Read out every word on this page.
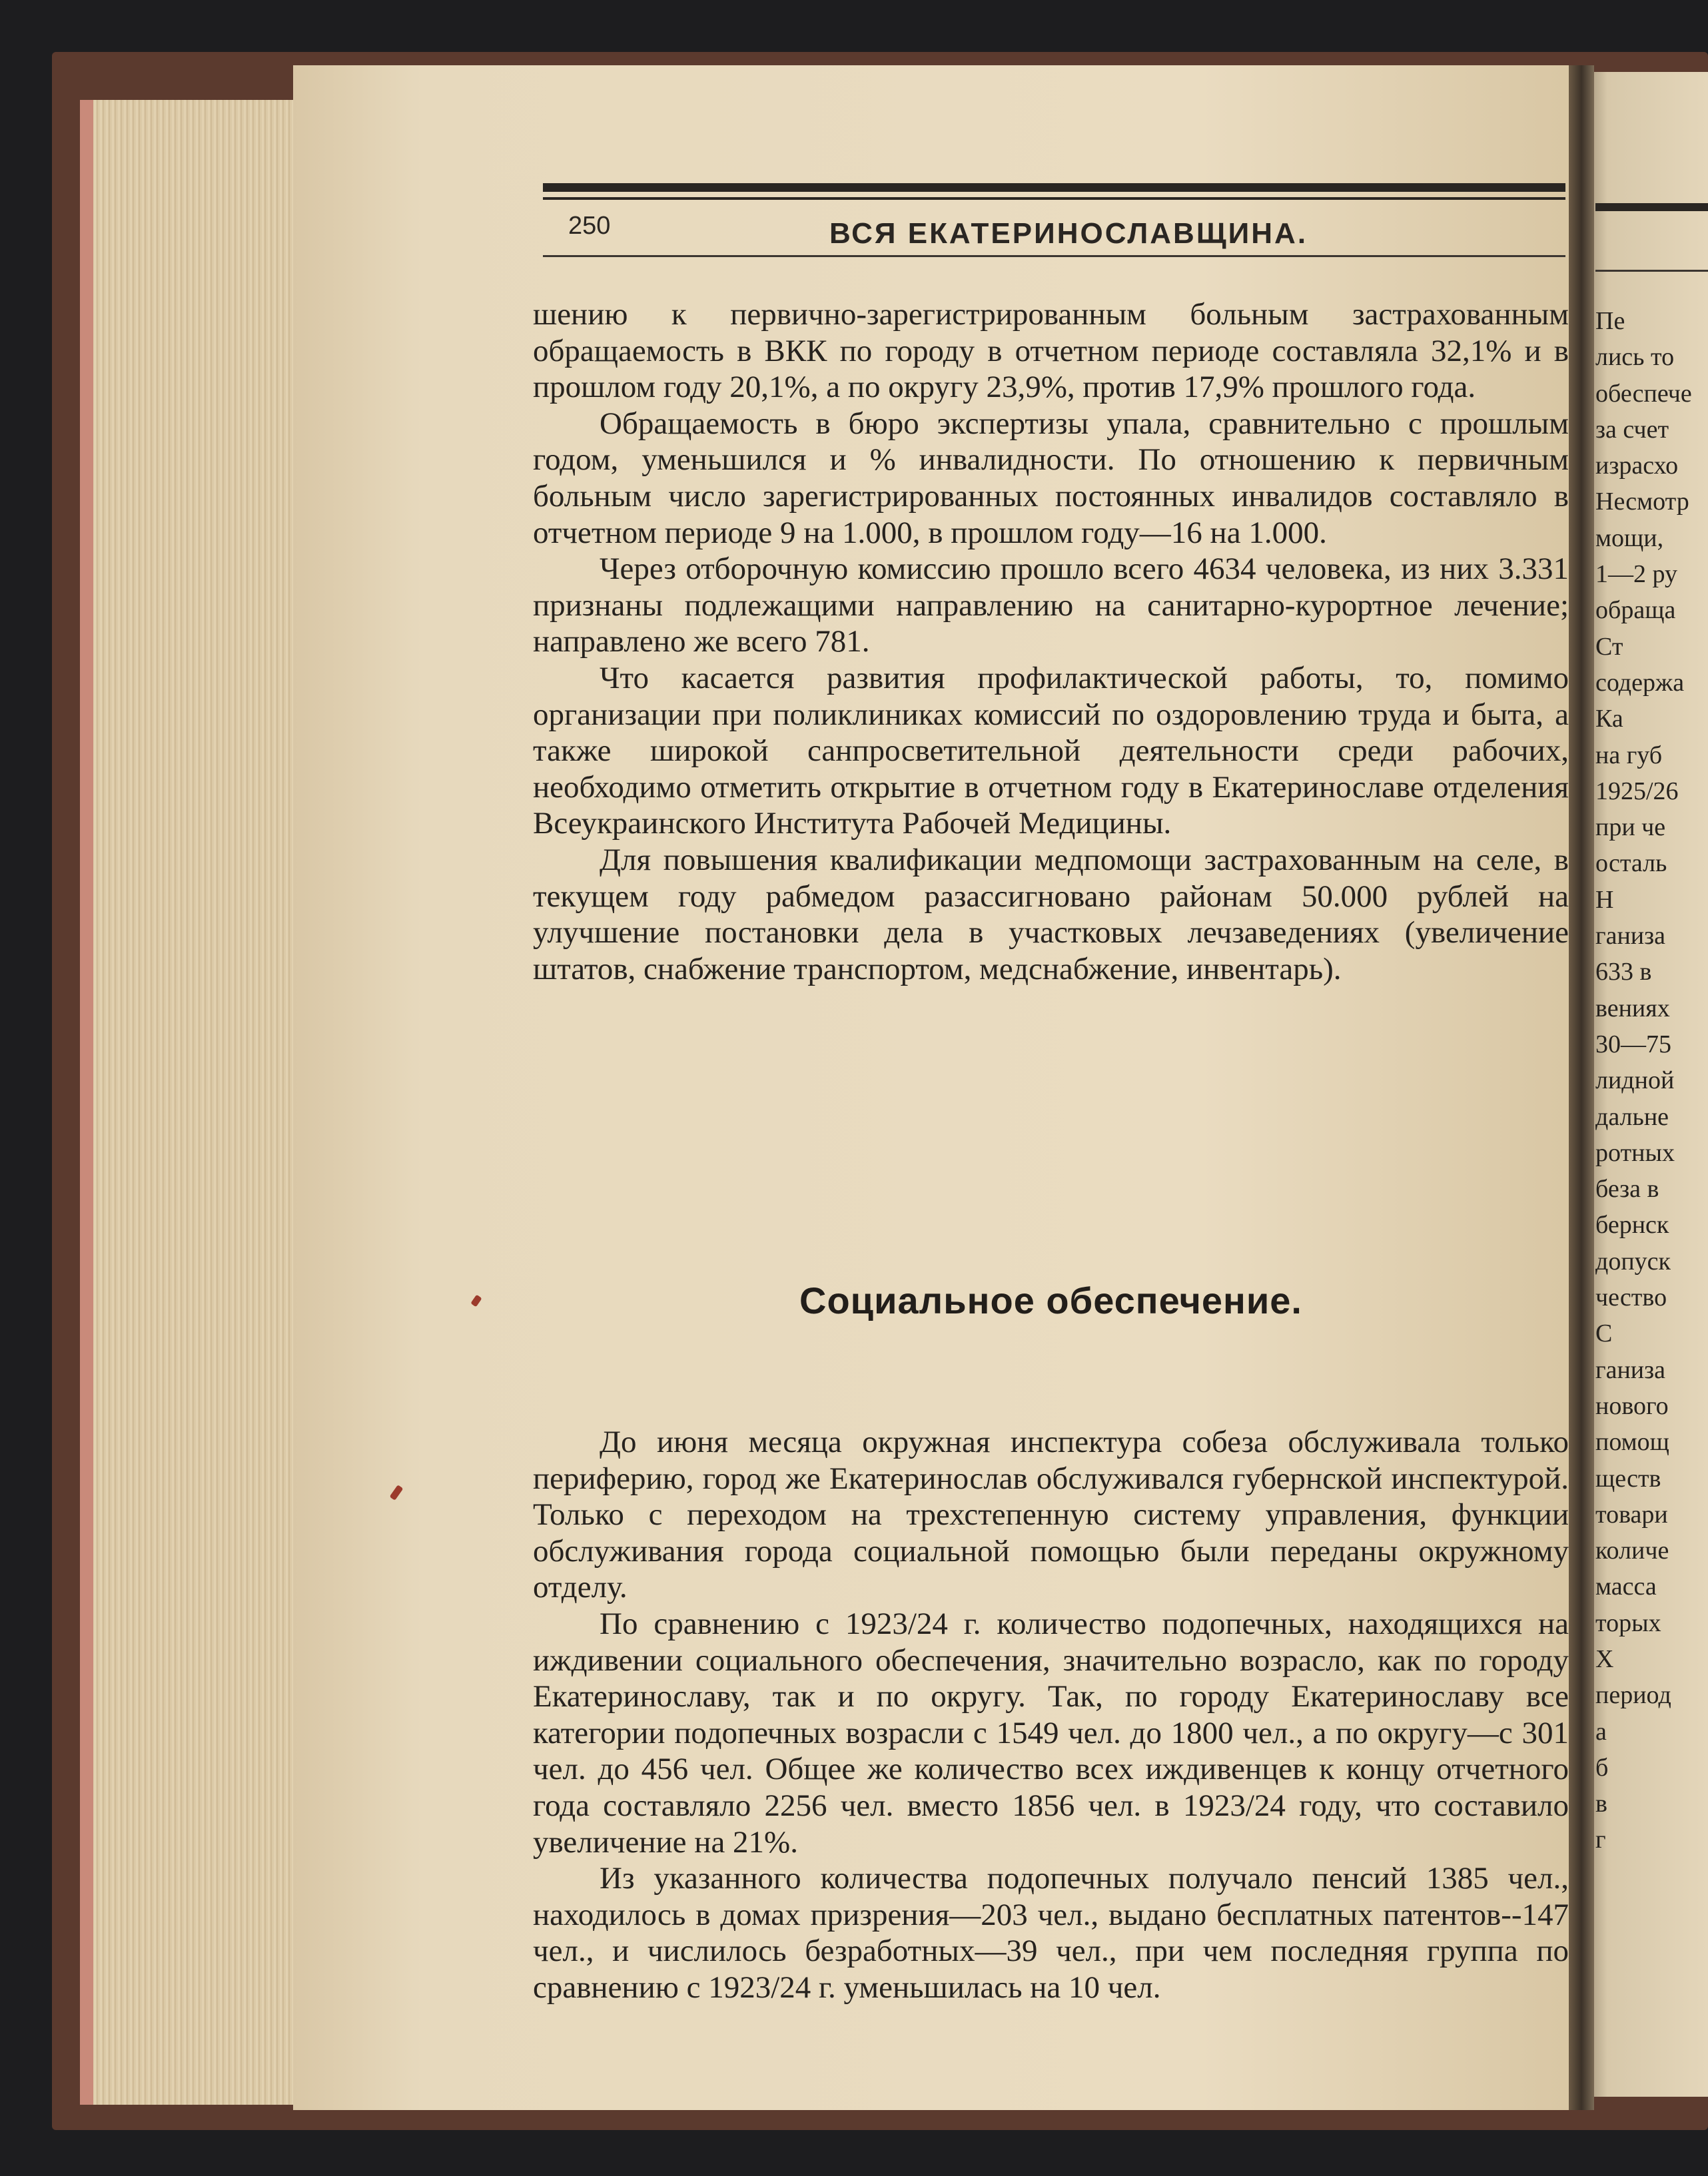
250	ВСЯ ЕКАТЕРИНОСЛАВЩИНА.

шению к первично-зарегистрированным больным застрахованным обращаемость в ВКК по городу в отчетном периоде составляла 32,1% и в прошлом году 20,1%, а по округу 23,9%, против 17,9% прошлого года.

Обращаемость в бюро экспертизы упала, сравнительно с прошлым годом, уменьшился и % инвалидности. По отношению к первичным больным число зарегистрированных постоянных инвалидов составляло в отчетном периоде 9 на 1.000, в прошлом году—16 на 1.000.

Через отборочную комиссию прошло всего 4634 человека, из них 3.331 признаны подлежащими направлению на санитарно-курортное лечение; направлено же всего 781.

Что касается развития профилактической работы, то, помимо организации при поликлиниках комиссий по оздоровлению труда и быта, а также широкой санпросветительной деятельности среди рабочих, необходимо отметить открытие в отчетном году в Екатеринославе отделения Всеукраинского Института Рабочей Медицины.

Для повышения квалификации медпомощи застрахованным на селе, в текущем году рабмедом разассигновано районам 50.000 рублей на улучшение постановки дела в участковых лечзаведениях (увеличение штатов, снабжение транспортом, медснабжение, инвентарь).

Социальное обеспечение.

До июня месяца окружная инспектура собеза обслуживала только периферию, город же Екатеринослав обслуживался губернской инспектурой. Только с переходом на трехстепенную систему управления, функции обслуживания города социальной помощью были переданы окружному отделу.

По сравнению с 1923/24 г. количество подопечных, находящихся на иждивении социального обеспечения, значительно возрасло, как по городу Екатеринославу, так и по округу. Так, по городу Екатеринославу все категории подопечных возрасли с 1549 чел. до 1800 чел., а по округу—с 301 чел. до 456 чел. Общее же количество всех иждивенцев к концу отчетного года составляло 2256 чел. вместо 1856 чел. в 1923/24 году, что составило увеличение на 21%.

Из указанного количества подопечных получало пенсий 1385 чел., находилось в домах призрения—203 чел., выдано бесплатных патентов--147 чел., и числилось безработных—39 чел., при чем последняя группа по сравнению с 1923/24 г. уменьшилась на 10 чел.

Пе
лись то
обеспече
за счет
израсхо
Несмотр
мощи,
1—2 ру
обраща
Ст
содержа
Ка
на губ
1925/26
при че
осталь
Н
ганиза
633 в
вениях
30—75
лидной
дальне
ротных
беза в
бернск
допуск
чество
С
ганиза
нового
помощ
ществ
товари
количе
масса
торых
Х
период
а
б
в
г
